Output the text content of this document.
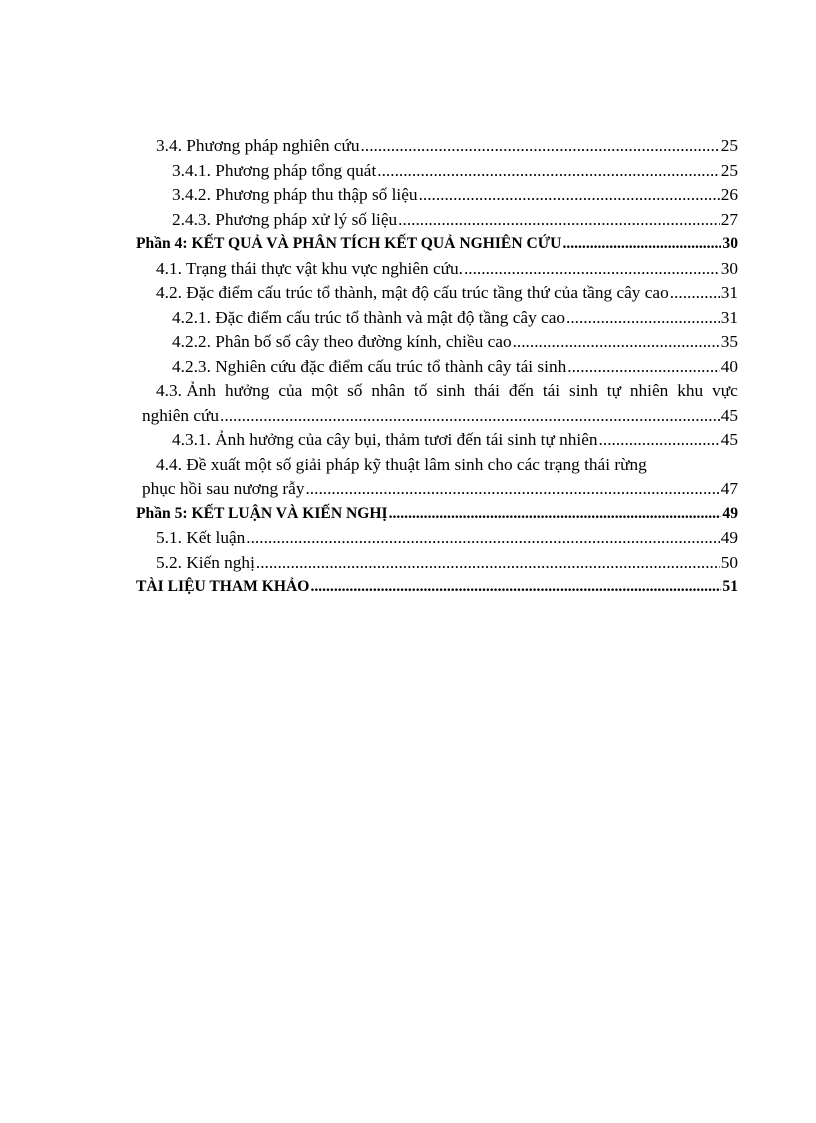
3.4. Phương pháp nghiên cứu .....	25
3.4.1. Phương pháp tổng quát .....	25
3.4.2. Phương pháp thu thập số liệu .....	26
2.4.3. Phương pháp xử lý số liệu .....	27
Phần 4: KẾT QUẢ VÀ PHÂN TÍCH KẾT QUẢ NGHIÊN CỨU .....	30
4.1. Trạng thái thực vật khu vực nghiên cứu. .....	30
4.2. Đặc điểm cấu trúc tổ thành, mật độ cấu trúc tầng thứ của tầng cây cao .....	31
4.2.1. Đặc điểm cấu trúc tổ thành và mật độ tầng cây cao .....	31
4.2.2. Phân bố số cây theo đường kính, chiều cao .....	35
4.2.3. Nghiên cứu đặc điểm cấu trúc tổ thành cây tái sinh .....	40
4.3. Ảnh hưởng của một số nhân tố sinh thái đến tái sinh tự nhiên khu vực
nghiên cứu .....	45
4.3.1. Ảnh hưởng của cây bụi, thảm tươi đến tái sinh tự nhiên .....	45
4.4. Đề xuất một số giải pháp kỹ thuật lâm sinh cho các trạng thái rừng
phục hồi sau nương rẫy .....	47
Phần 5: KẾT LUẬN VÀ KIẾN NGHỊ .....	49
5.1. Kết luận .....	49
5.2. Kiến nghị .....	50
TÀI LIỆU THAM KHẢO .....	51
